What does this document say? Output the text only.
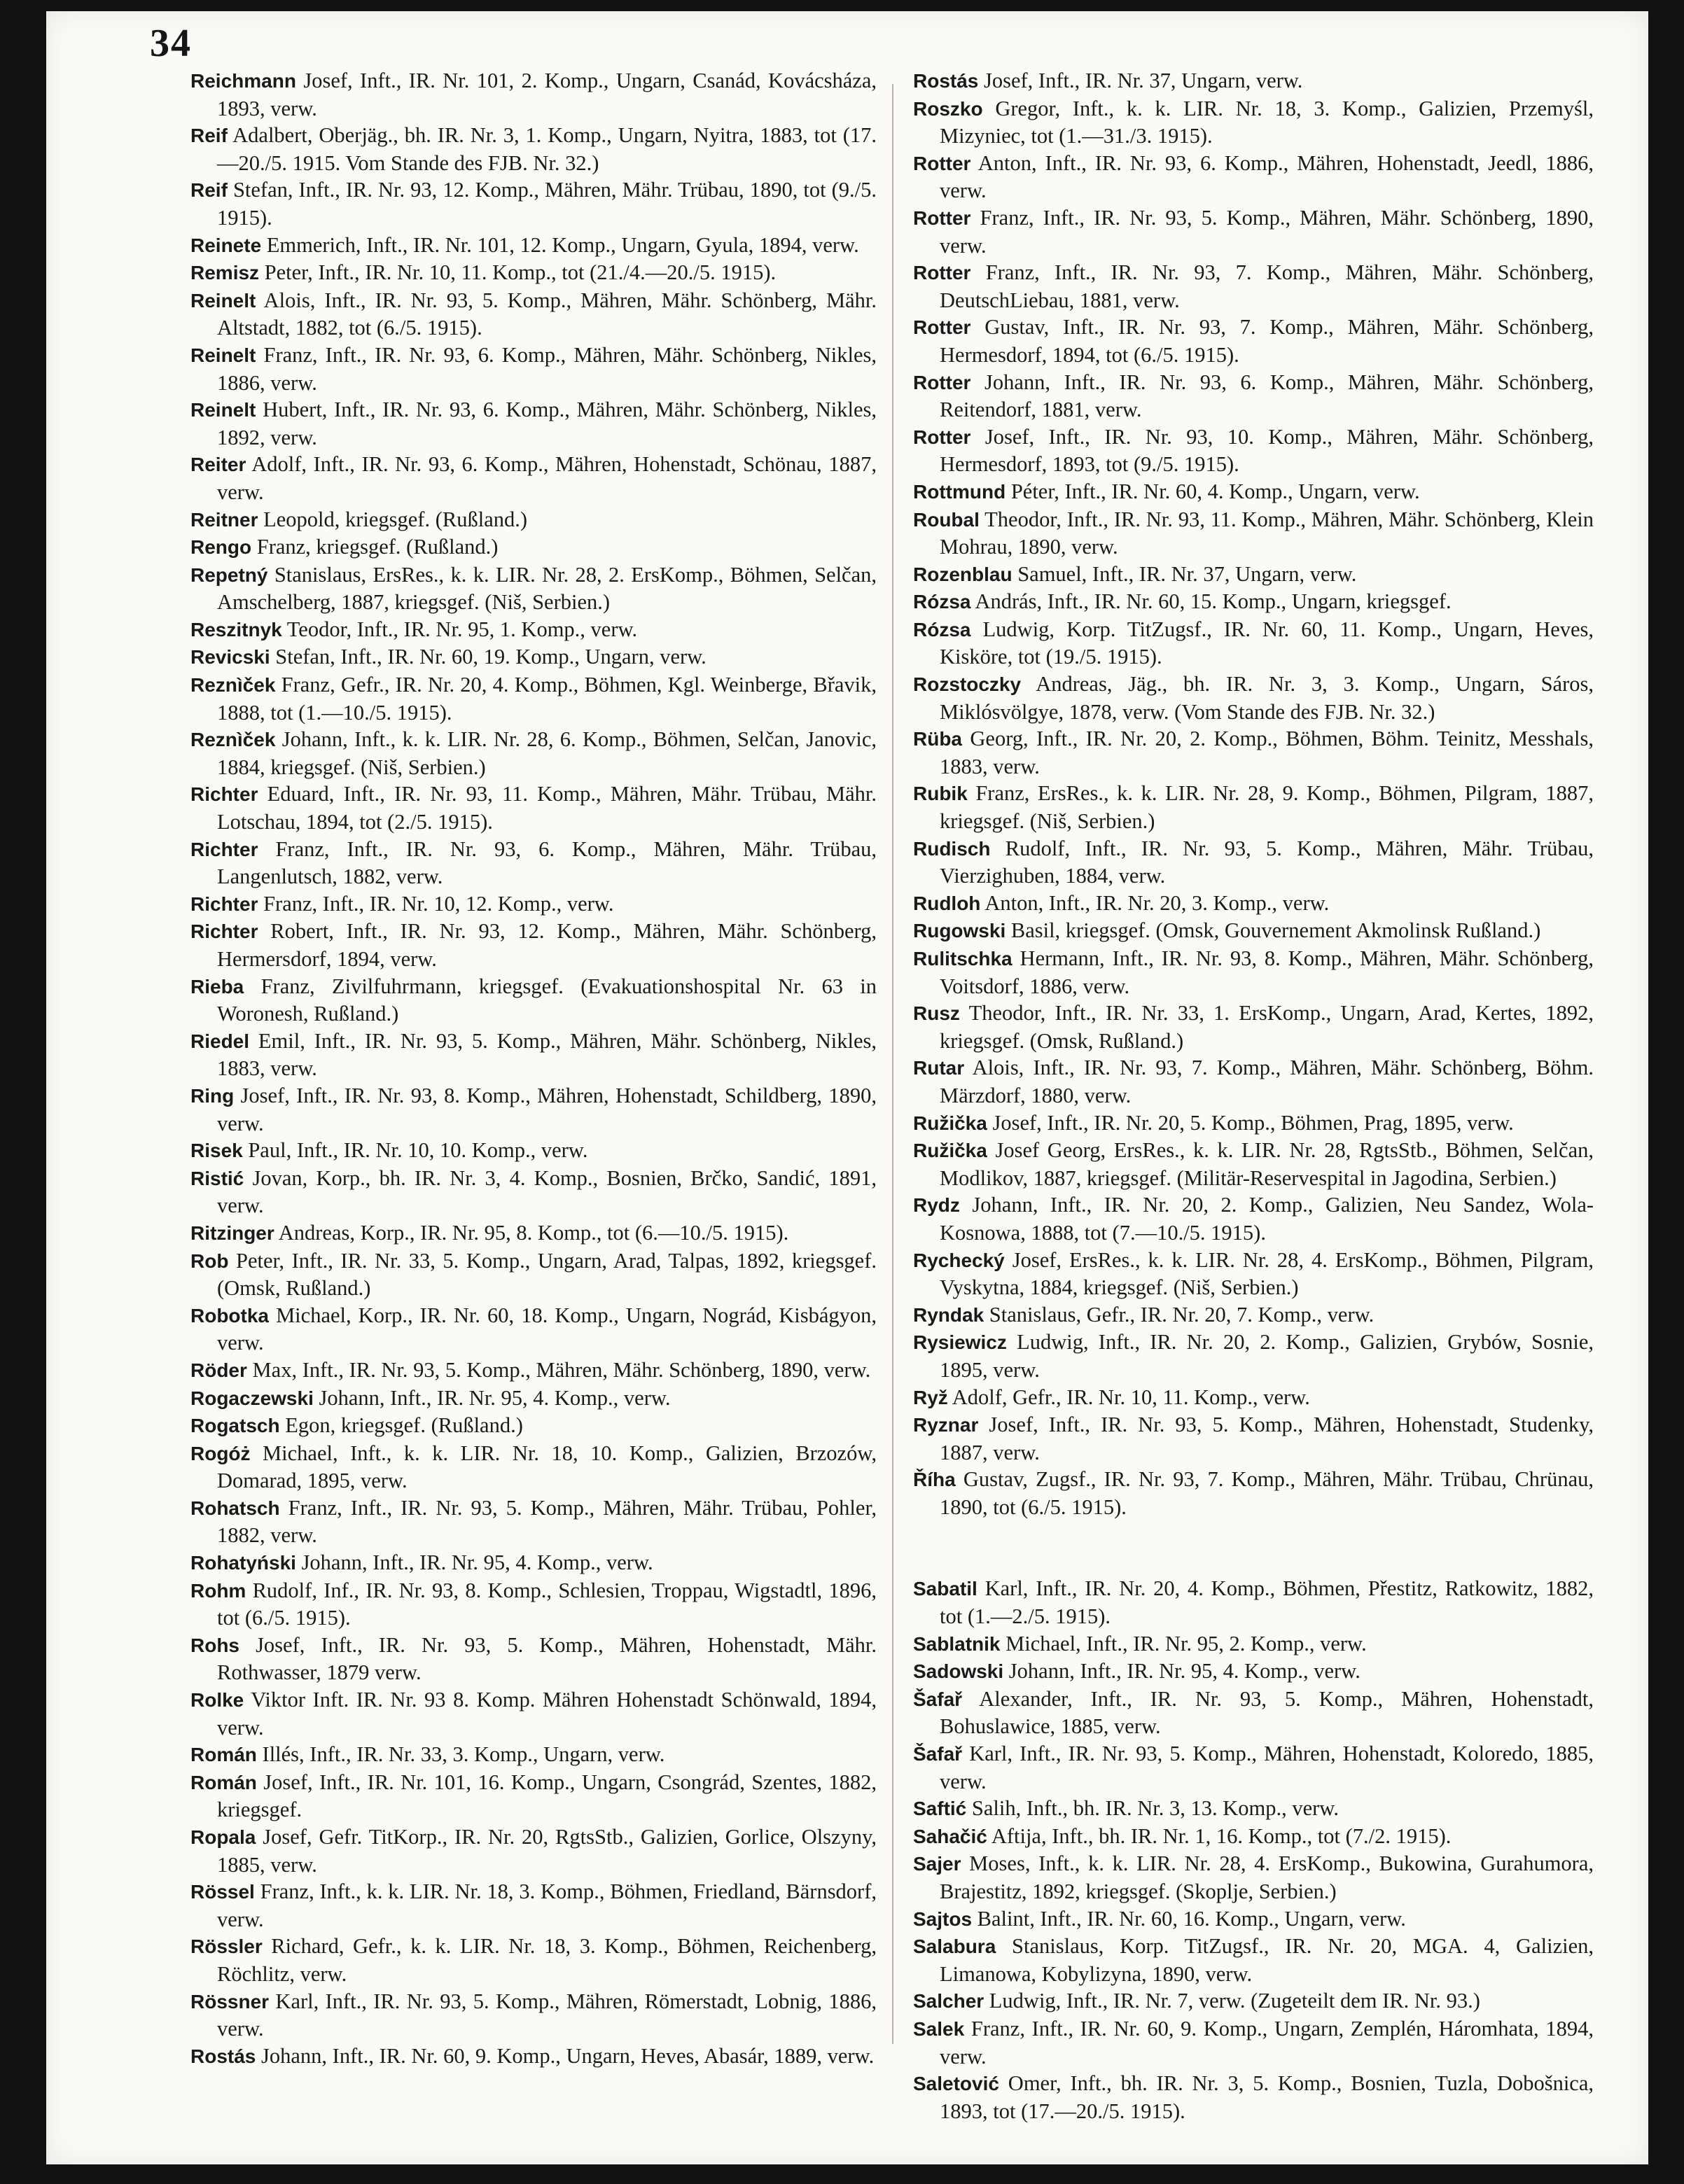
34

Reichmann Josef, Inft., IR. Nr. 101, 2. Komp., Ungarn, Csanád, Kovácsháza, 1893, verw.

Reif Adalbert, Oberjäg., bh. IR. Nr. 3, 1. Komp., Ungarn, Nyitra, 1883, tot (17.—20./5. 1915. Vom Stande des FJB. Nr. 32.)

Reif Stefan, Inft., IR. Nr. 93, 12. Komp., Mähren, Mähr. Trübau, 1890, tot (9./5. 1915).

Reinete Emmerich, Inft., IR. Nr. 101, 12. Komp., Ungarn, Gyula, 1894, verw.

Remisz Peter, Inft., IR. Nr. 10, 11. Komp., tot (21./4.—20./5. 1915).

Reinelt Alois, Inft., IR. Nr. 93, 5. Komp., Mähren, Mähr. Schönberg, Mähr. Altstadt, 1882, tot (6./5. 1915).

Reinelt Franz, Inft., IR. Nr. 93, 6. Komp., Mähren, Mähr. Schönberg, Nikles, 1886, verw.

Reinelt Hubert, Inft., IR. Nr. 93, 6. Komp., Mähren, Mähr. Schönberg, Nikles, 1892, verw.

Reiter Adolf, Inft., IR. Nr. 93, 6. Komp., Mähren, Hohenstadt, Schönau, 1887, verw.

Reitner Leopold, kriegsgef. (Rußland.)

Rengo Franz, kriegsgef. (Rußland.)

Repetný Stanislaus, ErsRes., k. k. LIR. Nr. 28, 2. ErsKomp., Böhmen, Selčan, Amschelberg, 1887, kriegsgef. (Niš, Serbien.)

Reszitnyk Teodor, Inft., IR. Nr. 95, 1. Komp., verw.

Revicski Stefan, Inft., IR. Nr. 60, 19. Komp., Ungarn, verw.

Reznìček Franz, Gefr., IR. Nr. 20, 4. Komp., Böhmen, Kgl. Weinberge, Břavik, 1888, tot (1.—10./5. 1915).

Reznìček Johann, Inft., k. k. LIR. Nr. 28, 6. Komp., Böhmen, Selčan, Janovic, 1884, kriegsgef. (Niš, Serbien.)

Richter Eduard, Inft., IR. Nr. 93, 11. Komp., Mähren, Mähr. Trübau, Mähr. Lotschau, 1894, tot (2./5. 1915).

Richter Franz, Inft., IR. Nr. 93, 6. Komp., Mähren, Mähr. Trübau, Langenlutsch, 1882, verw.

Richter Franz, Inft., IR. Nr. 10, 12. Komp., verw.

Richter Robert, Inft., IR. Nr. 93, 12. Komp., Mähren, Mähr. Schönberg, Hermersdorf, 1894, verw.

Rieba Franz, Zivilfuhrmann, kriegsgef. (Evakuationshospital Nr. 63 in Woronesh, Rußland.)

Riedel Emil, Inft., IR. Nr. 93, 5. Komp., Mähren, Mähr. Schönberg, Nikles, 1883, verw.

Ring Josef, Inft., IR. Nr. 93, 8. Komp., Mähren, Hohenstadt, Schildberg, 1890, verw.

Risek Paul, Inft., IR. Nr. 10, 10. Komp., verw.

Ristić Jovan, Korp., bh. IR. Nr. 3, 4. Komp., Bosnien, Brčko, Sandić, 1891, verw.

Ritzinger Andreas, Korp., IR. Nr. 95, 8. Komp., tot (6.—10./5. 1915).

Rob Peter, Inft., IR. Nr. 33, 5. Komp., Ungarn, Arad, Talpas, 1892, kriegsgef. (Omsk, Rußland.)

Robotka Michael, Korp., IR. Nr. 60, 18. Komp., Ungarn, Nográd, Kisbágyon, verw.

Röder Max, Inft., IR. Nr. 93, 5. Komp., Mähren, Mähr. Schönberg, 1890, verw.

Rogaczewski Johann, Inft., IR. Nr. 95, 4. Komp., verw.

Rogatsch Egon, kriegsgef. (Rußland.)

Rogóż Michael, Inft., k. k. LIR. Nr. 18, 10. Komp., Galizien, Brzozów, Domarad, 1895, verw.

Rohatsch Franz, Inft., IR. Nr. 93, 5. Komp., Mähren, Mähr. Trübau, Pohler, 1882, verw.

Rohatyński Johann, Inft., IR. Nr. 95, 4. Komp., verw.

Rohm Rudolf, Inf., IR. Nr. 93, 8. Komp., Schlesien, Troppau, Wigstadtl, 1896, tot (6./5. 1915).

Rohs Josef, Inft., IR. Nr. 93, 5. Komp., Mähren, Hohenstadt, Mähr. Rothwasser, 1879 verw.

Rolke Viktor Inft. IR. Nr. 93 8. Komp. Mähren Hohenstadt Schönwald, 1894, verw.

Román Illés, Inft., IR. Nr. 33, 3. Komp., Ungarn, verw.

Román Josef, Inft., IR. Nr. 101, 16. Komp., Ungarn, Csongrád, Szentes, 1882, kriegsgef.

Ropala Josef, Gefr. TitKorp., IR. Nr. 20, RgtsStb., Galizien, Gorlice, Olszyny, 1885, verw.

Rössel Franz, Inft., k. k. LIR. Nr. 18, 3. Komp., Böhmen, Friedland, Bärnsdorf, verw.

Rössler Richard, Gefr., k. k. LIR. Nr. 18, 3. Komp., Böhmen, Reichenberg, Röchlitz, verw.

Rössner Karl, Inft., IR. Nr. 93, 5. Komp., Mähren, Römerstadt, Lobnig, 1886, verw.

Rostás Johann, Inft., IR. Nr. 60, 9. Komp., Ungarn, Heves, Abasár, 1889, verw.

Rostás Josef, Inft., IR. Nr. 37, Ungarn, verw.

Roszko Gregor, Inft., k. k. LIR. Nr. 18, 3. Komp., Galizien, Przemyśl, Mizyniec, tot (1.—31./3. 1915).

Rotter Anton, Inft., IR. Nr. 93, 6. Komp., Mähren, Hohenstadt, Jeedl, 1886, verw.

Rotter Franz, Inft., IR. Nr. 93, 5. Komp., Mähren, Mähr. Schönberg, 1890, verw.

Rotter Franz, Inft., IR. Nr. 93, 7. Komp., Mähren, Mähr. Schönberg, DeutschLiebau, 1881, verw.

Rotter Gustav, Inft., IR. Nr. 93, 7. Komp., Mähren, Mähr. Schönberg, Hermesdorf, 1894, tot (6./5. 1915).

Rotter Johann, Inft., IR. Nr. 93, 6. Komp., Mähren, Mähr. Schönberg, Reitendorf, 1881, verw.

Rotter Josef, Inft., IR. Nr. 93, 10. Komp., Mähren, Mähr. Schönberg, Hermesdorf, 1893, tot (9./5. 1915).

Rottmund Péter, Inft., IR. Nr. 60, 4. Komp., Ungarn, verw.

Roubal Theodor, Inft., IR. Nr. 93, 11. Komp., Mähren, Mähr. Schönberg, Klein Mohrau, 1890, verw.

Rozenblau Samuel, Inft., IR. Nr. 37, Ungarn, verw.

Rózsa András, Inft., IR. Nr. 60, 15. Komp., Ungarn, kriegsgef.

Rózsa Ludwig, Korp. TitZugsf., IR. Nr. 60, 11. Komp., Ungarn, Heves, Kisköre, tot (19./5. 1915).

Rozstoczky Andreas, Jäg., bh. IR. Nr. 3, 3. Komp., Ungarn, Sáros, Miklósvölgye, 1878, verw. (Vom Stande des FJB. Nr. 32.)

Rüba Georg, Inft., IR. Nr. 20, 2. Komp., Böhmen, Böhm. Teinitz, Messhals, 1883, verw.

Rubik Franz, ErsRes., k. k. LIR. Nr. 28, 9. Komp., Böhmen, Pilgram, 1887, kriegsgef. (Niš, Serbien.)

Rudisch Rudolf, Inft., IR. Nr. 93, 5. Komp., Mähren, Mähr. Trübau, Vierzighuben, 1884, verw.

Rudloh Anton, Inft., IR. Nr. 20, 3. Komp., verw.

Rugowski Basil, kriegsgef. (Omsk, Gouvernement Akmolinsk Rußland.)

Rulitschka Hermann, Inft., IR. Nr. 93, 8. Komp., Mähren, Mähr. Schönberg, Voitsdorf, 1886, verw.

Rusz Theodor, Inft., IR. Nr. 33, 1. ErsKomp., Ungarn, Arad, Kertes, 1892, kriegsgef. (Omsk, Rußland.)

Rutar Alois, Inft., IR. Nr. 93, 7. Komp., Mähren, Mähr. Schönberg, Böhm. Märzdorf, 1880, verw.

Ružička Josef, Inft., IR. Nr. 20, 5. Komp., Böhmen, Prag, 1895, verw.

Ružička Josef Georg, ErsRes., k. k. LIR. Nr. 28, RgtsStb., Böhmen, Selčan, Modlikov, 1887, kriegsgef. (Militär-Reservespital in Jagodina, Serbien.)

Rydz Johann, Inft., IR. Nr. 20, 2. Komp., Galizien, Neu Sandez, Wola-Kosnowa, 1888, tot (7.—10./5. 1915).

Rychecký Josef, ErsRes., k. k. LIR. Nr. 28, 4. ErsKomp., Böhmen, Pilgram, Vyskytna, 1884, kriegsgef. (Niš, Serbien.)

Ryndak Stanislaus, Gefr., IR. Nr. 20, 7. Komp., verw.

Rysiewicz Ludwig, Inft., IR. Nr. 20, 2. Komp., Galizien, Grybów, Sosnie, 1895, verw.

Ryž Adolf, Gefr., IR. Nr. 10, 11. Komp., verw.

Ryznar Josef, Inft., IR. Nr. 93, 5. Komp., Mähren, Hohenstadt, Studenky, 1887, verw.

Říha Gustav, Zugsf., IR. Nr. 93, 7. Komp., Mähren, Mähr. Trübau, Chrünau, 1890, tot (6./5. 1915).

Sabatil Karl, Inft., IR. Nr. 20, 4. Komp., Böhmen, Přestitz, Ratkowitz, 1882, tot (1.—2./5. 1915).

Sablatnik Michael, Inft., IR. Nr. 95, 2. Komp., verw.

Sadowski Johann, Inft., IR. Nr. 95, 4. Komp., verw.

Šafař Alexander, Inft., IR. Nr. 93, 5. Komp., Mähren, Hohenstadt, Bohuslawice, 1885, verw.

Šafař Karl, Inft., IR. Nr. 93, 5. Komp., Mähren, Hohenstadt, Koloredo, 1885, verw.

Saftić Salih, Inft., bh. IR. Nr. 3, 13. Komp., verw.

Sahačić Aftija, Inft., bh. IR. Nr. 1, 16. Komp., tot (7./2. 1915).

Sajer Moses, Inft., k. k. LIR. Nr. 28, 4. ErsKomp., Bukowina, Gurahumora, Brajestitz, 1892, kriegsgef. (Skoplje, Serbien.)

Sajtos Balint, Inft., IR. Nr. 60, 16. Komp., Ungarn, verw.

Salabura Stanislaus, Korp. TitZugsf., IR. Nr. 20, MGA. 4, Galizien, Limanowa, Kobylizyna, 1890, verw.

Salcher Ludwig, Inft., IR. Nr. 7, verw. (Zugeteilt dem IR. Nr. 93.)

Salek Franz, Inft., IR. Nr. 60, 9. Komp., Ungarn, Zemplén, Háromhata, 1894, verw.

Saletović Omer, Inft., bh. IR. Nr. 3, 5. Komp., Bosnien, Tuzla, Dobošnica, 1893, tot (17.—20./5. 1915).
